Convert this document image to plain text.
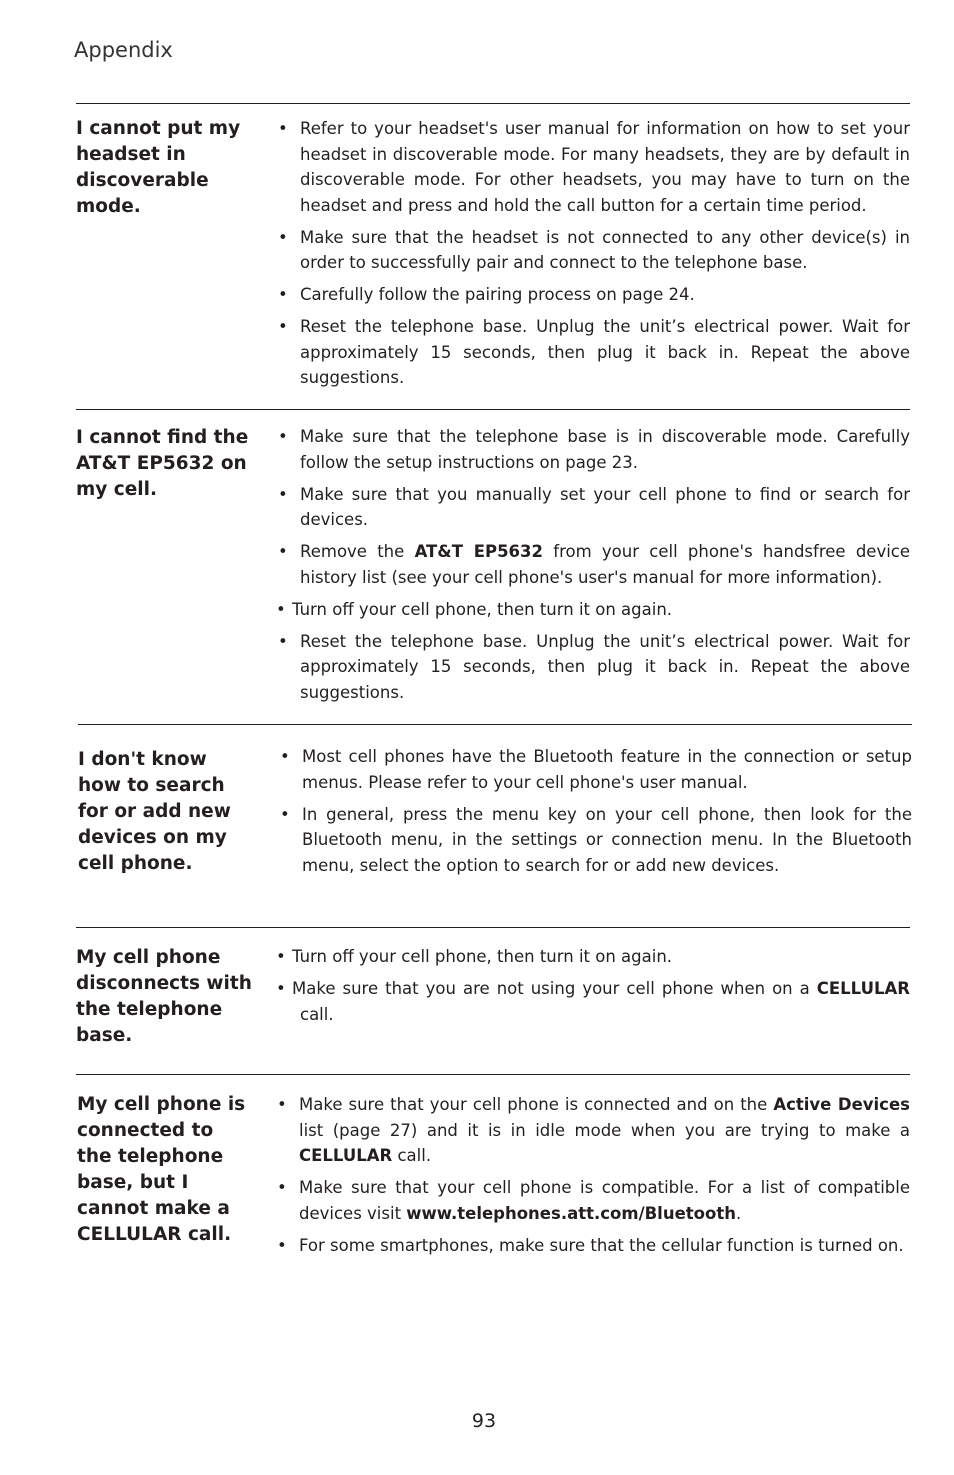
Appendix
I cannot put my headset in discoverable mode.
• Refer to your headset's user manual for information on how to set your headset in discoverable mode. For many headsets, they are by default in discoverable mode. For other headsets, you may have to turn on the headset and press and hold the call button for a certain time period.
• Make sure that the headset is not connected to any other device(s) in order to successfully pair and connect to the telephone base.
• Carefully follow the pairing process on page 24.
• Reset the telephone base. Unplug the unit’s electrical power. Wait for approximately 15 seconds, then plug it back in. Repeat the above suggestions.
I cannot find the AT&T EP5632 on my cell.
• Make sure that the telephone base is in discoverable mode. Carefully follow the setup instructions on page 23.
• Make sure that you manually set your cell phone to find or search for devices.
• Remove the AT&T EP5632 from your cell phone's handsfree device history list (see your cell phone's user's manual for more information).
• Turn off your cell phone, then turn it on again.
• Reset the telephone base. Unplug the unit’s electrical power. Wait for approximately 15 seconds, then plug it back in. Repeat the above suggestions.
I don't know how to search for or add new devices on my cell phone.
• Most cell phones have the Bluetooth feature in the connection or setup menus. Please refer to your cell phone's user manual.
• In general, press the menu key on your cell phone, then look for the Bluetooth menu, in the settings or connection menu. In the Bluetooth menu, select the option to search for or add new devices.
My cell phone disconnects with the telephone base.
• Turn off your cell phone, then turn it on again.
• Make sure that you are not using your cell phone when on a CELLULAR call.
My cell phone is connected to the telephone base, but I cannot make a CELLULAR call.
• Make sure that your cell phone is connected and on the Active Devices list (page 27) and it is in idle mode when you are trying to make a CELLULAR call.
• Make sure that your cell phone is compatible. For a list of compatible devices visit www.telephones.att.com/Bluetooth.
• For some smartphones, make sure that the cellular function is turned on.
93
